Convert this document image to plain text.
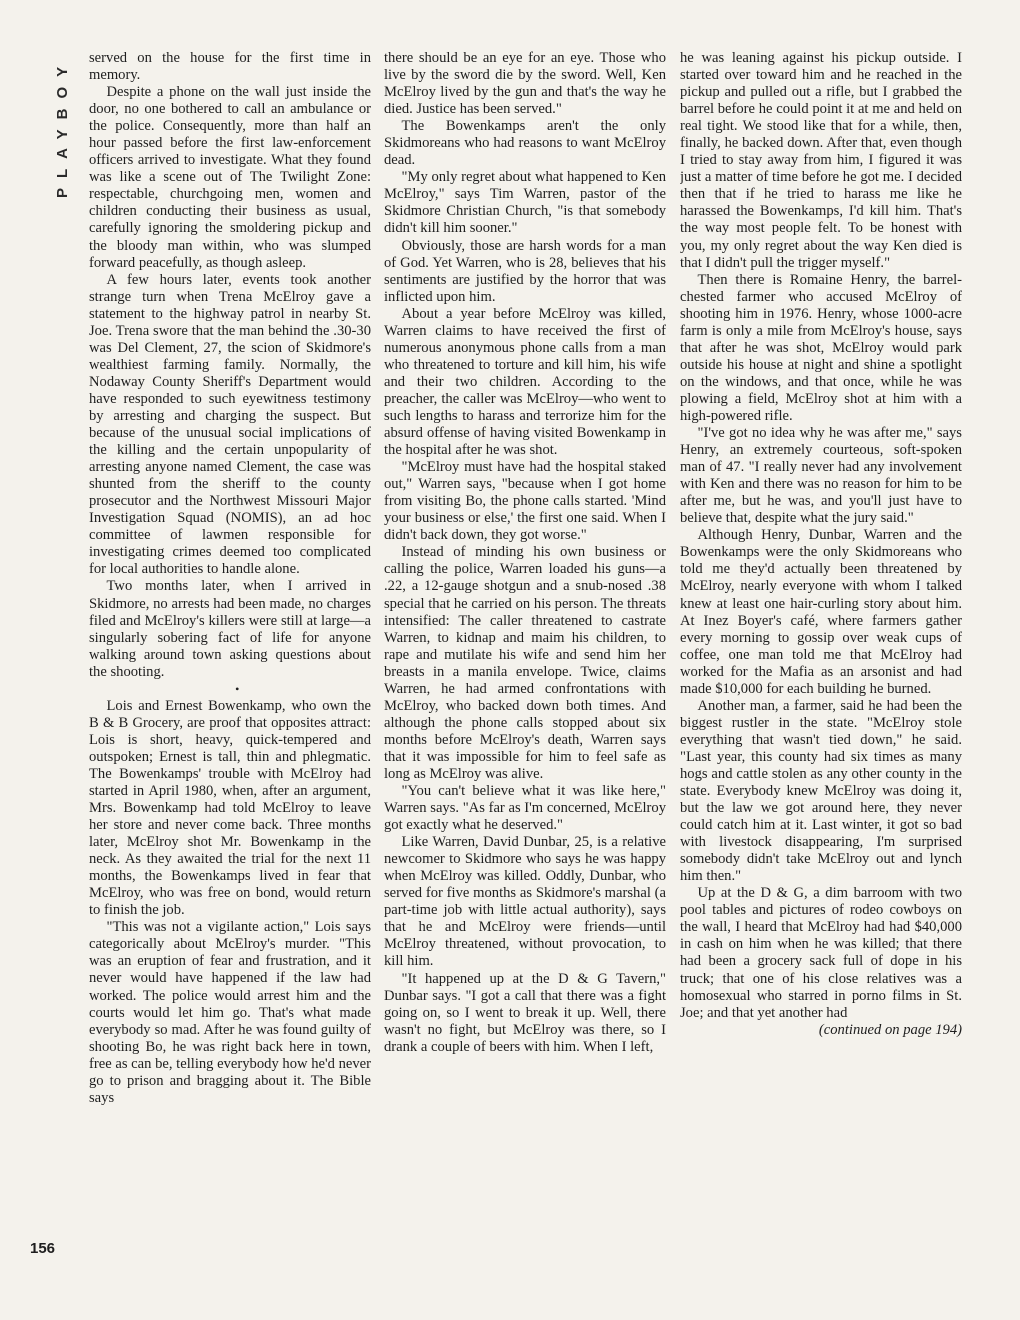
PLAYBOY served on the house for the first time in memory.

Despite a phone on the wall just inside the door, no one bothered to call an ambulance or the police. Consequently, more than half an hour passed before the first law-enforcement officers arrived to investigate. What they found was like a scene out of The Twilight Zone: respectable, churchgoing men, women and children conducting their business as usual, carefully ignoring the smoldering pickup and the bloody man within, who was slumped forward peacefully, as though asleep.

A few hours later, events took another strange turn when Trena McElroy gave a statement to the highway patrol in nearby St. Joe. Trena swore that the man behind the .30-30 was Del Clement, 27, the scion of Skidmore's wealthiest farming family. Normally, the Nodaway County Sheriff's Department would have responded to such eyewitness testimony by arresting and charging the suspect. But because of the unusual social implications of the killing and the certain unpopularity of arresting anyone named Clement, the case was shunted from the sheriff to the county prosecutor and the Northwest Missouri Major Investigation Squad (NOMIS), an ad hoc committee of lawmen responsible for investigating crimes deemed too complicated for local authorities to handle alone.

Two months later, when I arrived in Skidmore, no arrests had been made, no charges filed and McElroy's killers were still at large—a singularly sobering fact of life for anyone walking around town asking questions about the shooting.

•

Lois and Ernest Bowenkamp, who own the B & B Grocery, are proof that opposites attract: Lois is short, heavy, quick-tempered and outspoken; Ernest is tall, thin and phlegmatic. The Bowenkamps' trouble with McElroy had started in April 1980, when, after an argument, Mrs. Bowenkamp had told McElroy to leave her store and never come back. Three months later, McElroy shot Mr. Bowenkamp in the neck. As they awaited the trial for the next 11 months, the Bowenkamps lived in fear that McElroy, who was free on bond, would return to finish the job.

"This was not a vigilante action," Lois says categorically about McElroy's murder. "This was an eruption of fear and frustration, and it never would have happened if the law had worked. The police would arrest him and the courts would let him go. That's what made everybody so mad. After he was found guilty of shooting Bo, he was right back here in town, free as can be, telling everybody how he'd never go to prison and bragging about it. The Bible says

there should be an eye for an eye. Those who live by the sword die by the sword. Well, Ken McElroy lived by the gun and that's the way he died. Justice has been served."

The Bowenkamps aren't the only Skidmoreans who had reasons to want McElroy dead.

"My only regret about what happened to Ken McElroy," says Tim Warren, pastor of the Skidmore Christian Church, "is that somebody didn't kill him sooner."

Obviously, those are harsh words for a man of God. Yet Warren, who is 28, believes that his sentiments are justified by the horror that was inflicted upon him.

About a year before McElroy was killed, Warren claims to have received the first of numerous anonymous phone calls from a man who threatened to torture and kill him, his wife and their two children. According to the preacher, the caller was McElroy—who went to such lengths to harass and terrorize him for the absurd offense of having visited Bowenkamp in the hospital after he was shot.

"McElroy must have had the hospital staked out," Warren says, "because when I got home from visiting Bo, the phone calls started. 'Mind your business or else,' the first one said. When I didn't back down, they got worse."

Instead of minding his own business or calling the police, Warren loaded his guns—a .22, a 12-gauge shotgun and a snub-nosed .38 special that he carried on his person. The threats intensified: The caller threatened to castrate Warren, to kidnap and maim his children, to rape and mutilate his wife and send him her breasts in a manila envelope. Twice, claims Warren, he had armed confrontations with McElroy, who backed down both times. And although the phone calls stopped about six months before McElroy's death, Warren says that it was impossible for him to feel safe as long as McElroy was alive.

"You can't believe what it was like here," Warren says. "As far as I'm concerned, McElroy got exactly what he deserved."

Like Warren, David Dunbar, 25, is a relative newcomer to Skidmore who says he was happy when McElroy was killed. Oddly, Dunbar, who served for five months as Skidmore's marshal (a part-time job with little actual authority), says that he and McElroy were friends—until McElroy threatened, without provocation, to kill him.

"It happened up at the D & G Tavern," Dunbar says. "I got a call that there was a fight going on, so I went to break it up. Well, there wasn't no fight, but McElroy was there, so I drank a couple of beers with him. When I left,

he was leaning against his pickup outside. I started over toward him and he reached in the pickup and pulled out a rifle, but I grabbed the barrel before he could point it at me and held on real tight. We stood like that for a while, then, finally, he backed down. After that, even though I tried to stay away from him, I figured it was just a matter of time before he got me. I decided then that if he tried to harass me like he harassed the Bowenkamps, I'd kill him. That's the way most people felt. To be honest with you, my only regret about the way Ken died is that I didn't pull the trigger myself."

Then there is Romaine Henry, the barrel-chested farmer who accused McElroy of shooting him in 1976. Henry, whose 1000-acre farm is only a mile from McElroy's house, says that after he was shot, McElroy would park outside his house at night and shine a spotlight on the windows, and that once, while he was plowing a field, McElroy shot at him with a high-powered rifle.

"I've got no idea why he was after me," says Henry, an extremely courteous, soft-spoken man of 47. "I really never had any involvement with Ken and there was no reason for him to be after me, but he was, and you'll just have to believe that, despite what the jury said."

Although Henry, Dunbar, Warren and the Bowenkamps were the only Skidmoreans who told me they'd actually been threatened by McElroy, nearly everyone with whom I talked knew at least one hair-curling story about him. At Inez Boyer's café, where farmers gather every morning to gossip over weak cups of coffee, one man told me that McElroy had worked for the Mafia as an arsonist and had made $10,000 for each building he burned.

Another man, a farmer, said he had been the biggest rustler in the state. "McElroy stole everything that wasn't tied down," he said. "Last year, this county had six times as many hogs and cattle stolen as any other county in the state. Everybody knew McElroy was doing it, but the law we got around here, they never could catch him at it. Last winter, it got so bad with livestock disappearing, I'm surprised somebody didn't take McElroy out and lynch him then."

Up at the D & G, a dim barroom with two pool tables and pictures of rodeo cowboys on the wall, I heard that McElroy had had $40,000 in cash on him when he was killed; that there had been a grocery sack full of dope in his truck; that one of his close relatives was a homosexual who starred in porno films in St. Joe; and that yet another had

(continued on page 194)

156
